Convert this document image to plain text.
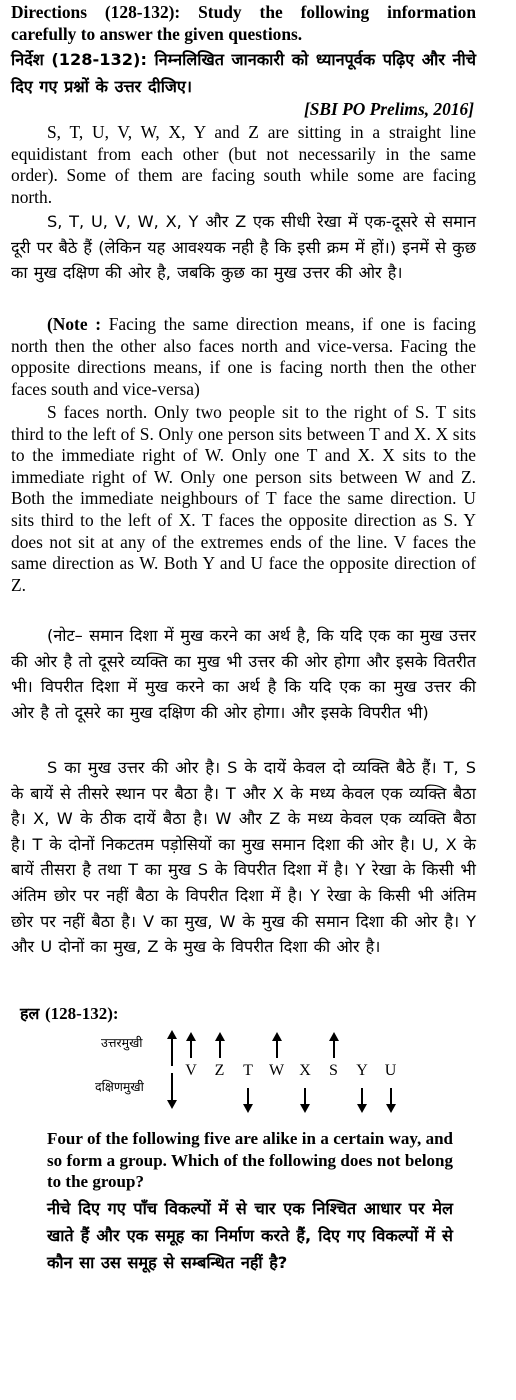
Directions (128-132): Study the following information carefully to answer the given questions.
निर्देश (128-132): निम्नलिखित जानकारी को ध्यानपूर्वक पढ़िए और नीचे दिए गए प्रश्नों के उत्तर दीजिए।
[SBI PO Prelims, 2016]
S, T, U, V, W, X, Y and Z are sitting in a straight line equidistant from each other (but not necessarily in the same order). Some of them are facing south while some are facing north.
S, T, U, V, W, X, Y और Z एक सीधी रेखा में एक-दूसरे से समान दूरी पर बैठे हैं (लेकिन यह आवश्यक नही है कि इसी क्रम में हों।) इनमें से कुछ का मुख दक्षिण की ओर है, जबकि कुछ का मुख उत्तर की ओर है।
(Note : Facing the same direction means, if one is facing north then the other also faces north and vice-versa. Facing the opposite directions means, if one is facing north then the other faces south and vice-versa)
S faces north. Only two people sit to the right of S. T sits third to the left of S. Only one person sits between T and X. X sits to the immediate right of W. Only one T and X. X sits to the immediate right of W. Only one person sits between W and Z. Both the immediate neighbours of T face the same direction. U sits third to the left of X. T faces the opposite direction as S. Y does not sit at any of the extremes ends of the line. V faces the same direction as W. Both Y and U face the opposite direction of Z.
(नोट– समान दिशा में मुख करने का अर्थ है, कि यदि एक का मुख उत्तर की ओर है तो दूसरे व्यक्ति का मुख भी उत्तर की ओर होगा और इसके वितरीत भी। विपरीत दिशा में मुख करने का अर्थ है कि यदि एक का मुख उत्तर की ओर है तो दूसरे का मुख दक्षिण की ओर होगा। और इसके विपरीत भी)
S का मुख उत्तर की ओर है। S के दायें केवल दो व्यक्ति बैठे हैं। T, S के बायें से तीसरे स्थान पर बैठा है। T और X के मध्य केवल एक व्यक्ति बैठा है। X, W के ठीक दायें बैठा है। W और Z के मध्य केवल एक व्यक्ति बैठा है। T के दोनों निकटतम पड़ोसियों का मुख समान दिशा की ओर है। U, X के बायें तीसरा है तथा T का मुख S के विपरीत दिशा में है। Y रेखा के किसी भी अंतिम छोर पर नहीं बैठा के विपरीत दिशा में है। Y रेखा के किसी भी अंतिम छोर पर नहीं बैठा है। V का मुख, W के मुख की समान दिशा की ओर है। Y और U दोनों का मुख, Z के मुख के विपरीत दिशा की ओर है।
हल (128-132):
उत्तरमुखी
दक्षिणमुखी
V	Z	T	W X	S	Y U
Four of the following five are alike in a certain way, and so form a group. Which of the following does not belong to the group?
नीचे दिए गए पाँच विकल्पों में से चार एक निश्चित आधार पर मेल खाते हैं और एक समूह का निर्माण करते हैं, दिए गए विकल्पों में से कौन सा उस समूह से सम्बन्धित नहीं है?
